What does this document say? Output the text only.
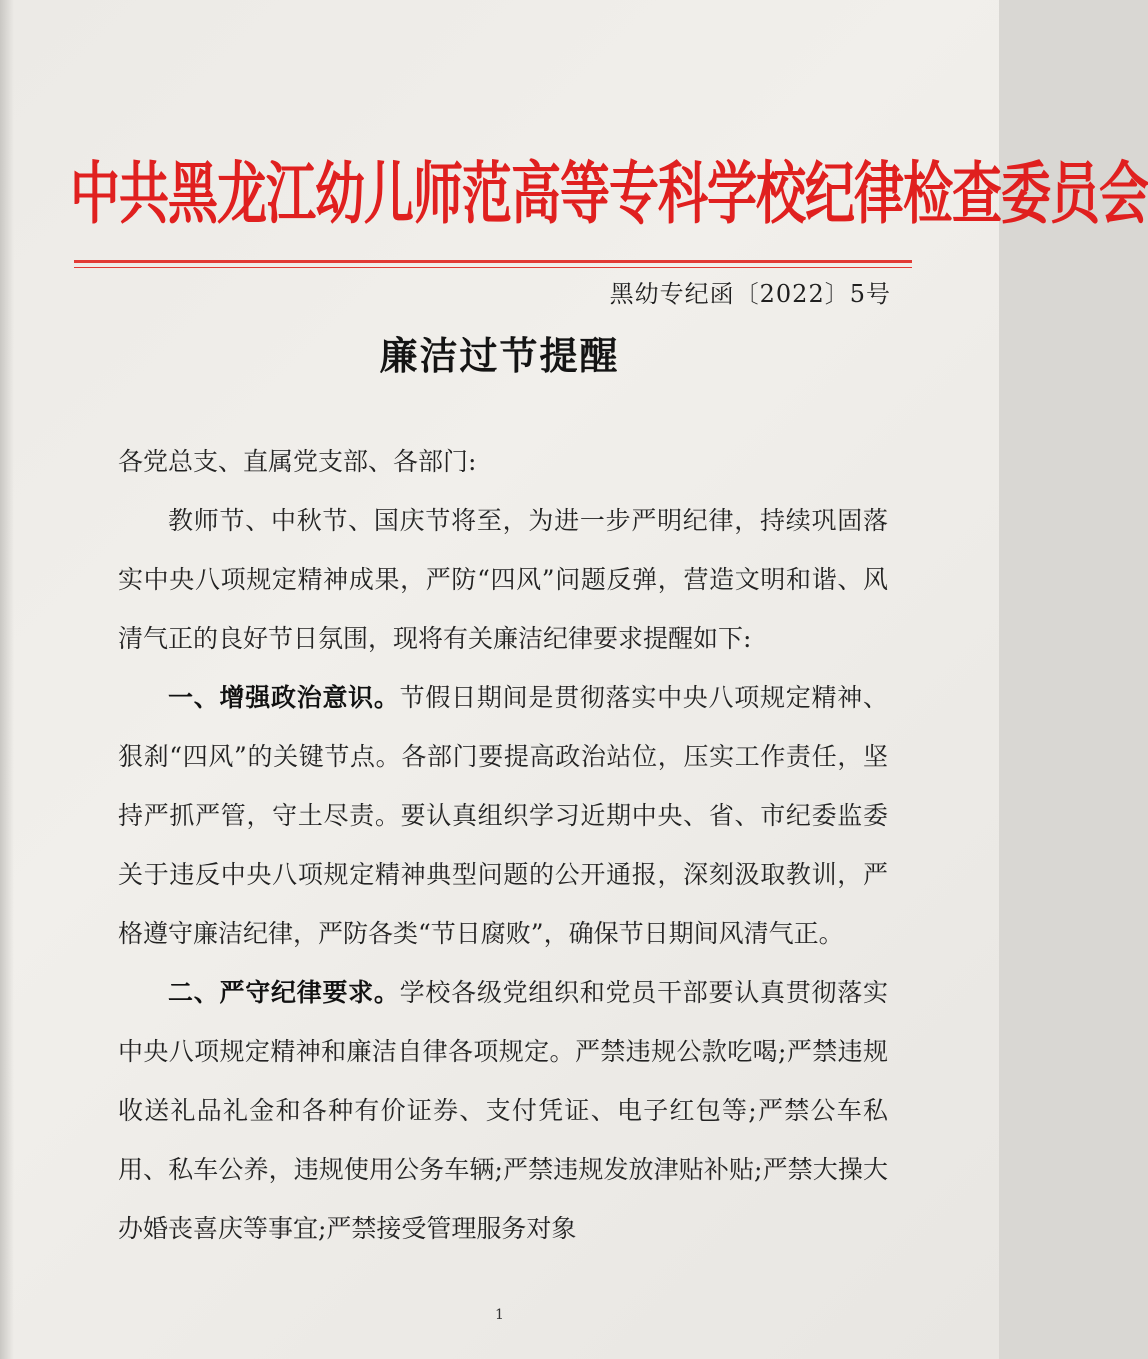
中共黑龙江幼儿师范高等专科学校纪律检查委员会
黑幼专纪函〔2022〕5号
廉洁过节提醒

各党总支、直属党支部、各部门:

教师节、中秋节、国庆节将至，为进一步严明纪律，持续巩固落实中央八项规定精神成果，严防“四风”问题反弹，营造文明和谐、风清气正的良好节日氛围，现将有关廉洁纪律要求提醒如下:

一、增强政治意识。节假日期间是贯彻落实中央八项规定精神、狠刹“四风”的关键节点。各部门要提高政治站位，压实工作责任，坚持严抓严管，守土尽责。要认真组织学习近期中央、省、市纪委监委关于违反中央八项规定精神典型问题的公开通报，深刻汲取教训，严格遵守廉洁纪律，严防各类“节日腐败”，确保节日期间风清气正。

二、严守纪律要求。学校各级党组织和党员干部要认真贯彻落实中央八项规定精神和廉洁自律各项规定。严禁违规公款吃喝;严禁违规收送礼品礼金和各种有价证券、支付凭证、电子红包等;严禁公车私用、私车公养，违规使用公务车辆;严禁违规发放津贴补贴;严禁大操大办婚丧喜庆等事宜;严禁接受管理服务对象

1
